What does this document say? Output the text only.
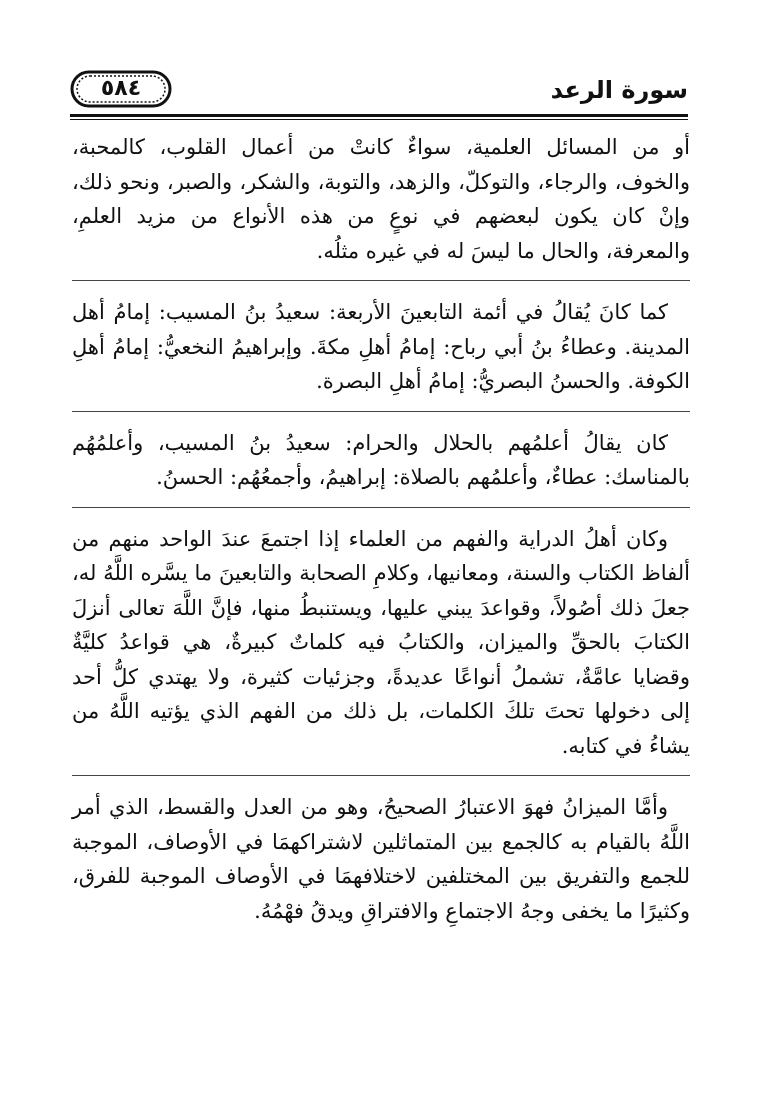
٥٨٤	سورة الرعد

أو من المسائل العلمية، سواءٌ كانتْ من أعمال القلوب، كالمحبة، والخوف، والرجاء، والتوكلّ، والزهد، والتوبة، والشكر، والصبر، ونحو ذلك، وإنْ كان يكون لبعضهم في نوعٍ من هذه الأنواع من مزيد العلمِ، والمعرفة، والحال ما ليسَ له في غيره مثلُه.

كما كانَ يُقالُ في أئمة التابعينَ الأربعة: سعيدُ بنُ المسيب: إمامُ أهل المدينة. وعطاءُ بنُ أبي رباح: إمامُ أهلِ مكةَ. وإبراهيمُ النخعيُّ: إمامُ أهلِ الكوفة. والحسنُ البصريُّ: إمامُ أهلِ البصرة.

كان يقالُ أعلمُهم بالحلال والحرام: سعيدُ بنُ المسيب، وأعلمُهُم بالمناسك: عطاءٌ، وأعلمُهم بالصلاة: إبراهيمُ، وأجمعُهُم: الحسنُ.

وكان أهلُ الدراية والفهم من العلماء إذا اجتمعَ عندَ الواحد منهم من ألفاظ الكتاب والسنة، ومعانيها، وكلامِ الصحابة والتابعينَ ما يسَّره اللَّهُ له، جعلَ ذلك أصُولاً، وقواعدَ يبني عليها، ويستنبطُ منها، فإنَّ اللَّهَ تعالى أنزلَ الكتابَ بالحقِّ والميزان، والكتابُ فيه كلماتٌ كبيرةٌ، هي قواعدُ كليَّةٌ وقضايا عامَّةٌ، تشملُ أنواعًا عديدةً، وجزئيات كثيرة، ولا يهتدي كلُّ أحد إلى دخولها تحتَ تلكَ الكلمات، بل ذلك من الفهم الذي يؤتيه اللَّهُ من يشاءُ في كتابه.

وأمَّا الميزانُ فهوَ الاعتبارُ الصحيحُ، وهو من العدل والقسط، الذي أمر اللَّهُ بالقيام به كالجمع بين المتماثلين لاشتراكهمَا في الأوصاف، الموجبة للجمع والتفريق بين المختلفين لاختلافهمَا في الأوصاف الموجبة للفرق، وكثيرًا ما يخفى وجهُ الاجتماعِ والافتراقِ ويدقُ فهْمُهُ.
